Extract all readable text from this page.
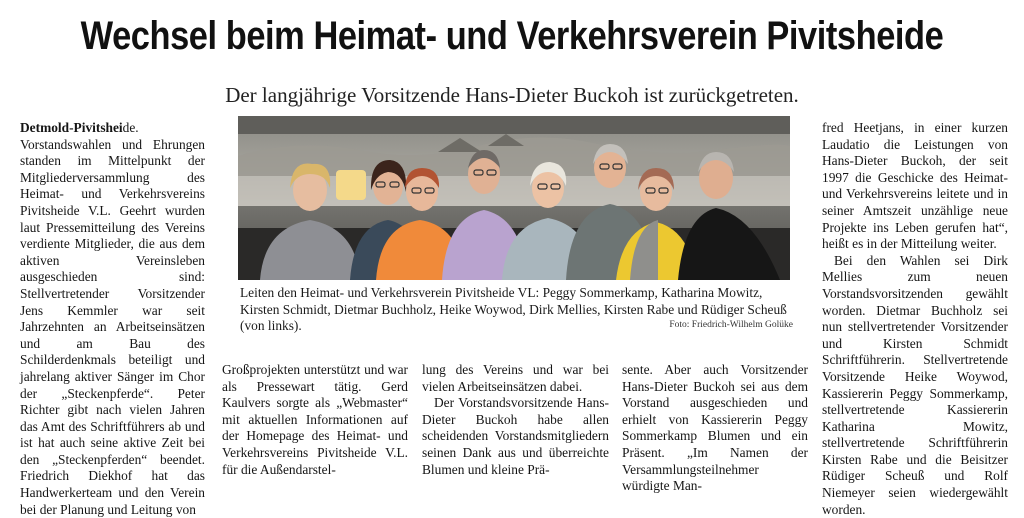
Wechsel beim Heimat- und Verkehrsverein Pivitsheide
Der langjährige Vorsitzende Hans-Dieter Buckoh ist zurückgetreten.

Detmold-Pivitsheide. Vorstandswahlen und Ehrungen standen im Mittelpunkt der Mitgliederversammlung des Heimat- und Verkehrsvereins Pivitsheide V.L. Geehrt wurden laut Pressemitteilung des Vereins verdiente Mitglieder, die aus dem aktiven Vereinsleben ausgeschieden sind: Stellvertretender Vorsitzender Jens Kemmler war seit Jahrzehnten an Arbeitseinsätzen und am Bau des Schilderdenkmals beteiligt und jahrelang aktiver Sänger im Chor der „Steckenpferde“. Peter Richter gibt nach vielen Jahren das Amt des Schriftführers ab und ist hat auch seine aktive Zeit bei den „Steckenpferden“ beendet. Friedrich Diekhof hat das Handwerkerteam und den Verein bei der Planung und Leitung von

Leiten den Heimat- und Verkehrsverein Pivitsheide VL: Peggy Sommerkamp, Katharina Mowitz, Kirsten Schmidt, Dietmar Buchholz, Heike Woywod, Dirk Mellies, Kirsten Rabe und Rüdiger Scheuß (von links).	Foto: Friedrich-Wilhelm Golüke

fred Heetjans, in einer kurzen Laudatio die Leistungen von Hans-Dieter Buckoh, der seit 1997 die Geschicke des Heimat- und Verkehrsvereins leitete und in seiner Amtszeit unzählige neue Projekte ins Leben gerufen hat“, heißt es in der Mitteilung weiter.

Bei den Wahlen sei Dirk Mellies zum neuen Vorstandsvorsitzenden gewählt worden. Dietmar Buchholz sei nun stellvertretender Vorsitzender und Kirsten Schmidt Schriftführerin. Stellvertretende Vorsitzende Heike Woywod, Kassiererin Peggy Sommerkamp, stellvertretende Kassiererin Katharina Mowitz, stellvertretende Schriftführerin Kirsten Rabe und die Beisitzer Rüdiger Scheuß und Rolf Niemeyer seien wiedergewählt worden.

Großprojekten unterstützt und war als Pressewart tätig. Gerd Kaulvers sorgte als „Webmaster“ mit aktuellen Informationen auf der Homepage des Heimat- und Verkehrsvereins Pivitsheide V.L. für die Außendarstel-

lung des Vereins und war bei vielen Arbeitseinsätzen dabei.

Der Vorstandsvorsitzende Hans-Dieter Buckoh habe allen scheidenden Vorstandsmitgliedern seinen Dank aus und überreichte Blumen und kleine Prä-

sente. Aber auch Vorsitzender Hans-Dieter Buckoh sei aus dem Vorstand ausgeschieden und erhielt von Kassiererin Peggy Sommerkamp Blumen und ein Präsent. „Im Namen der Versammlungsteilnehmer würdigte Man-
